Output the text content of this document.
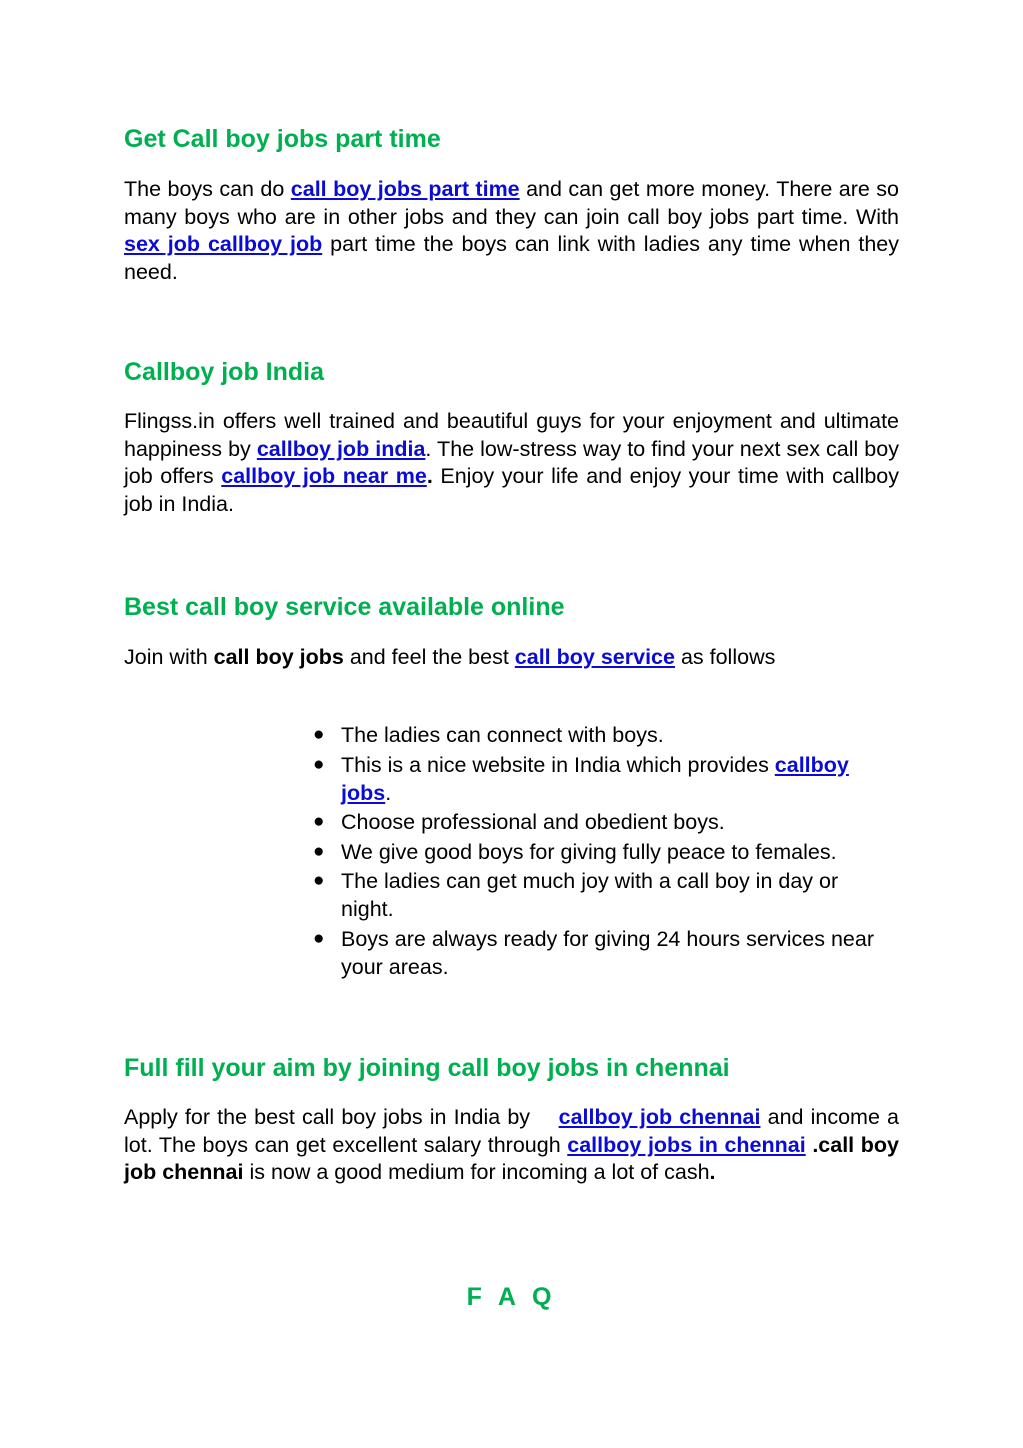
Get Call boy jobs part time

The boys can do call boy jobs part time and can get more money. There are so many boys who are in other jobs and they can join call boy jobs part time. With sex job callboy job part time the boys can link with ladies any time when they need.

Callboy job India

Flingss.in offers well trained and beautiful guys for your enjoyment and ultimate happiness by callboy job india. The low-stress way to find your next sex call boy job offers callboy job near me. Enjoy your life and enjoy your time with callboy job in India.

Best call boy service available online

Join with call boy jobs and feel the best call boy service as follows

● The ladies can connect with boys.
● This is a nice website in India which provides callboy jobs.
● Choose professional and obedient boys.
● We give good boys for giving fully peace to females.
● The ladies can get much joy with a call boy in day or night.
● Boys are always ready for giving 24 hours services near your areas.
Full fill your aim by joining call boy jobs in chennai

Apply for the best call boy jobs in India by    callboy job chennai and income a lot. The boys can get excellent salary through callboy jobs in chennai .call boy job chennai is now a good medium for incoming a lot of cash.

F A Q
